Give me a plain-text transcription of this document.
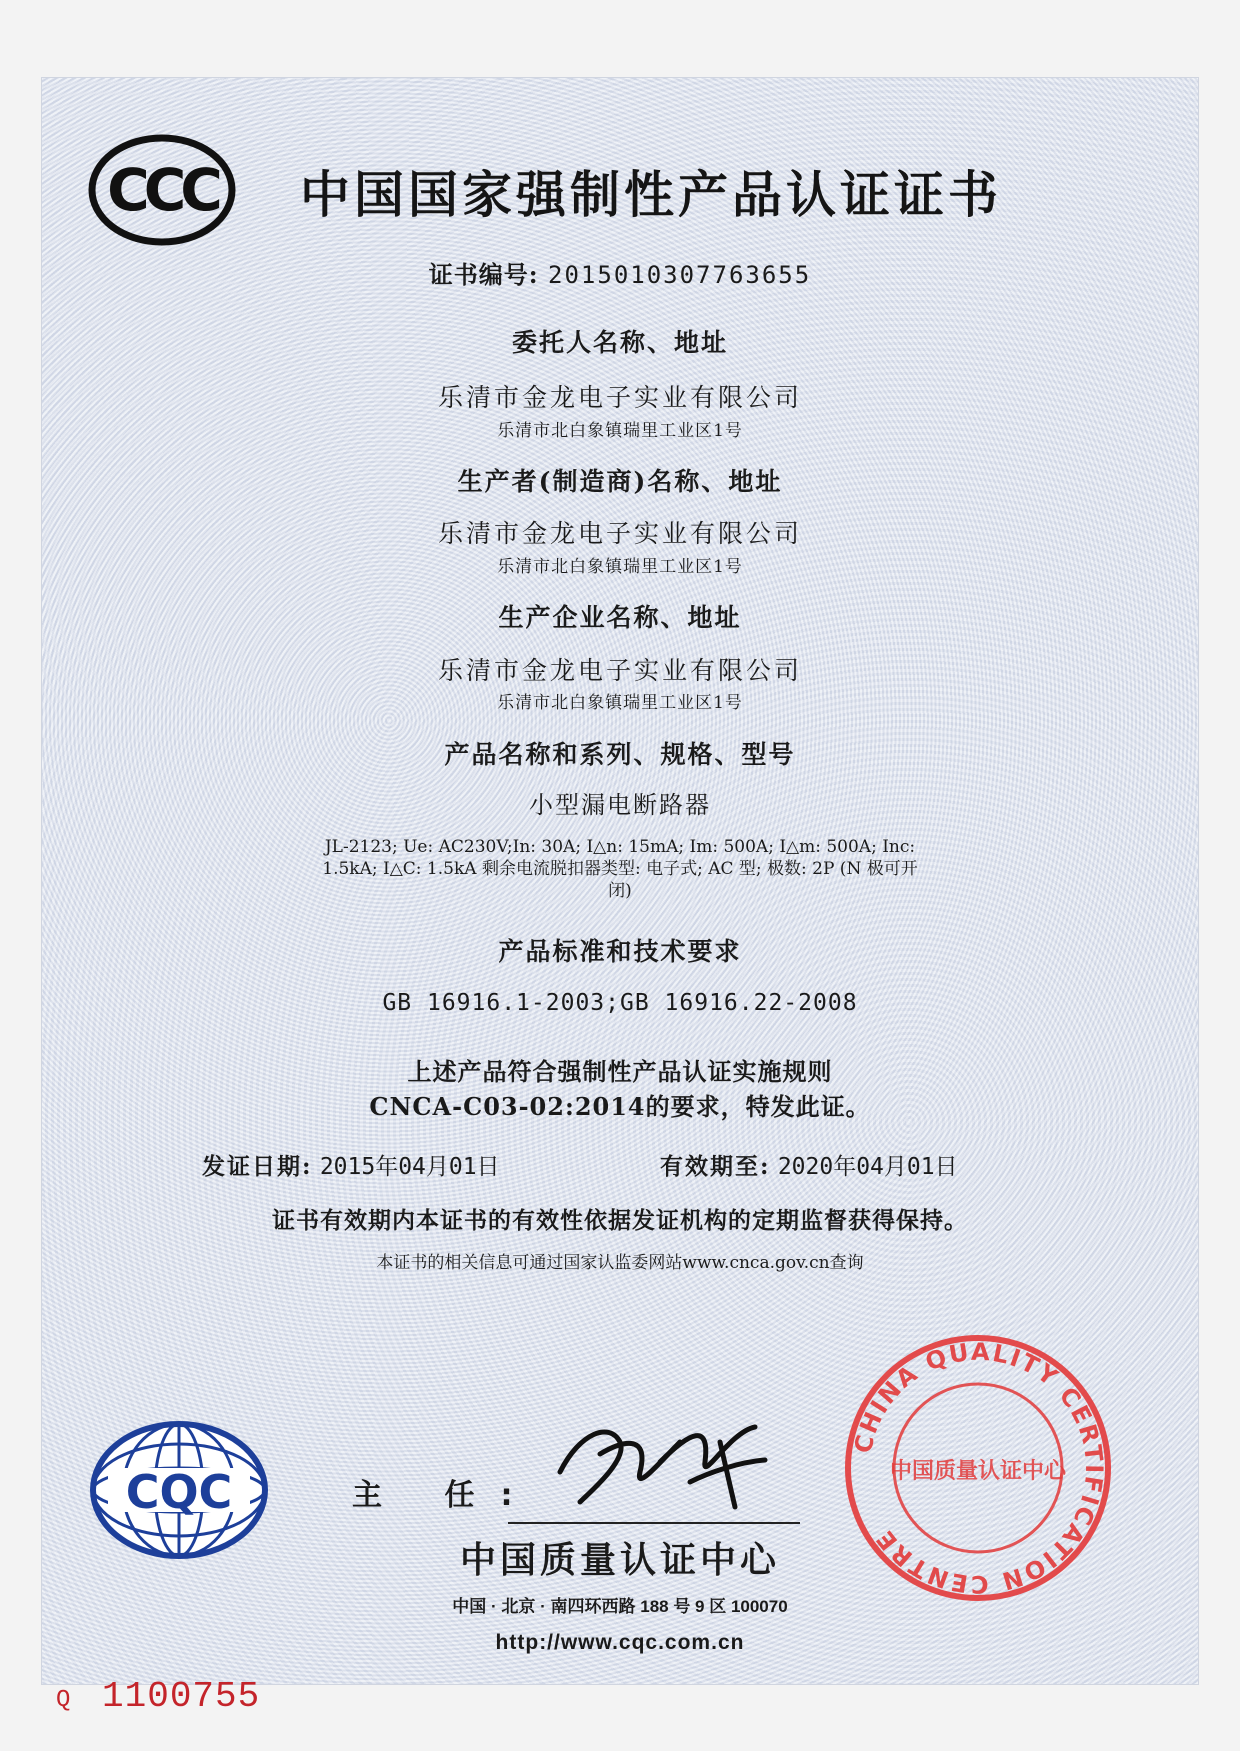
CCC 中国国家强制性产品认证证书
证书编号: 2015010307763655
委托人名称、地址
乐清市金龙电子实业有限公司
乐清市北白象镇瑞里工业区1号
生产者(制造商)名称、地址
乐清市金龙电子实业有限公司
乐清市北白象镇瑞里工业区1号
生产企业名称、地址
乐清市金龙电子实业有限公司
乐清市北白象镇瑞里工业区1号
产品名称和系列、规格、型号
小型漏电断路器
JL-2123; Ue: AC230V;In: 30A; I△n: 15mA; Im: 500A; I△m: 500A; Inc:
1.5kA; I△C: 1.5kA 剩余电流脱扣器类型: 电子式; AC 型; 极数: 2P (N 极可开
闭)
产品标准和技术要求
GB 16916.1-2003;GB 16916.22-2008
上述产品符合强制性产品认证实施规则
CNCA-C03-02:2014的要求，特发此证。
发证日期: 2015年04月01日	有效期至: 2020年04月01日
证书有效期内本证书的有效性依据发证机构的定期监督获得保持。
本证书的相关信息可通过国家认监委网站www.cnca.gov.cn查询
CQC	主 任:
中国质量认证中心
中国 · 北京 · 南四环西路 188 号 9 区 100070
http://www.cqc.com.cn
CHINA QUALITY CERTIFICATION CENTRE
中国质量认证中心
Q 1100755
